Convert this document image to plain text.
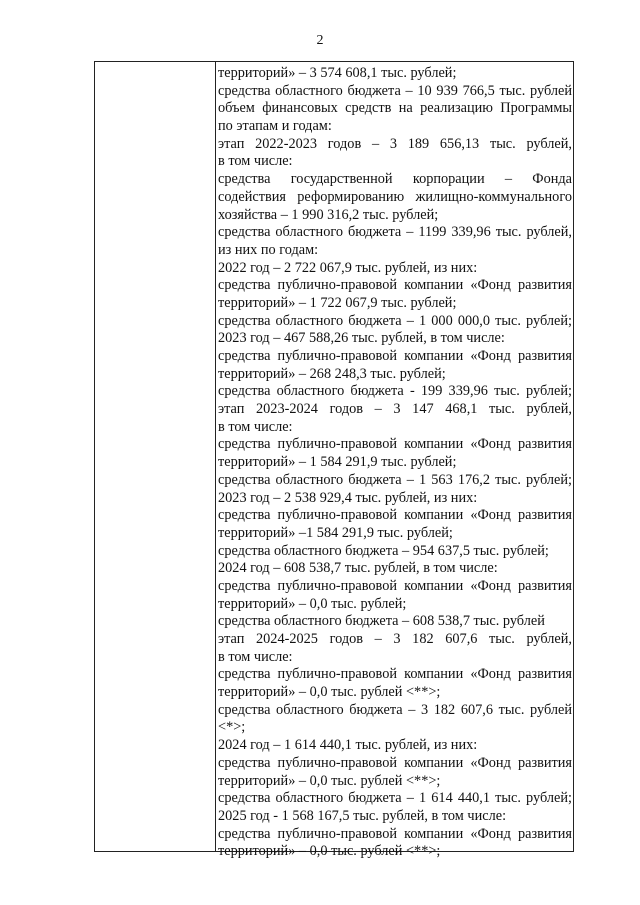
2
территорий» – 3 574 608,1 тыс. рублей;
средства областного бюджета – 10 939 766,5 тыс. рублей
объем финансовых средств на реализацию Программы
по этапам и годам:
этап 2022-2023 годов – 3 189 656,13 тыс. рублей,
в том числе:
средства государственной корпорации – Фонда
содействия реформированию жилищно-коммунального
хозяйства – 1 990 316,2 тыс. рублей;
средства областного бюджета – 1199 339,96 тыс. рублей,
из них по годам:
2022 год – 2 722 067,9 тыс. рублей, из них:
средства публично-правовой компании «Фонд развития
территорий» – 1 722 067,9 тыс. рублей;
средства областного бюджета – 1 000 000,0 тыс. рублей;
2023 год – 467 588,26 тыс. рублей, в том числе:
средства публично-правовой компании «Фонд развития
территорий» – 268 248,3 тыс. рублей;
средства областного бюджета - 199 339,96 тыс. рублей;
этап 2023-2024 годов – 3 147 468,1 тыс. рублей,
в том числе:
средства публично-правовой компании «Фонд развития
территорий» – 1 584 291,9 тыс. рублей;
средства областного бюджета – 1 563 176,2 тыс. рублей;
2023 год – 2 538 929,4 тыс. рублей, из них:
средства публично-правовой компании «Фонд развития
территорий» –1 584 291,9 тыс. рублей;
средства областного бюджета – 954 637,5 тыс. рублей;
2024 год – 608 538,7 тыс. рублей, в том числе:
средства публично-правовой компании «Фонд развития
территорий» – 0,0 тыс. рублей;
средства областного бюджета – 608 538,7 тыс. рублей
этап 2024-2025 годов – 3 182 607,6 тыс. рублей,
в том числе:
средства публично-правовой компании «Фонд развития
территорий» – 0,0 тыс. рублей <**>;
средства областного бюджета – 3 182 607,6 тыс. рублей
<*>;
2024 год – 1 614 440,1 тыс. рублей, из них:
средства публично-правовой компании «Фонд развития
территорий» – 0,0 тыс. рублей <**>;
средства областного бюджета – 1 614 440,1 тыс. рублей;
2025 год - 1 568 167,5 тыс. рублей, в том числе:
средства публично-правовой компании «Фонд развития
территорий» – 0,0 тыс. рублей <**>;
